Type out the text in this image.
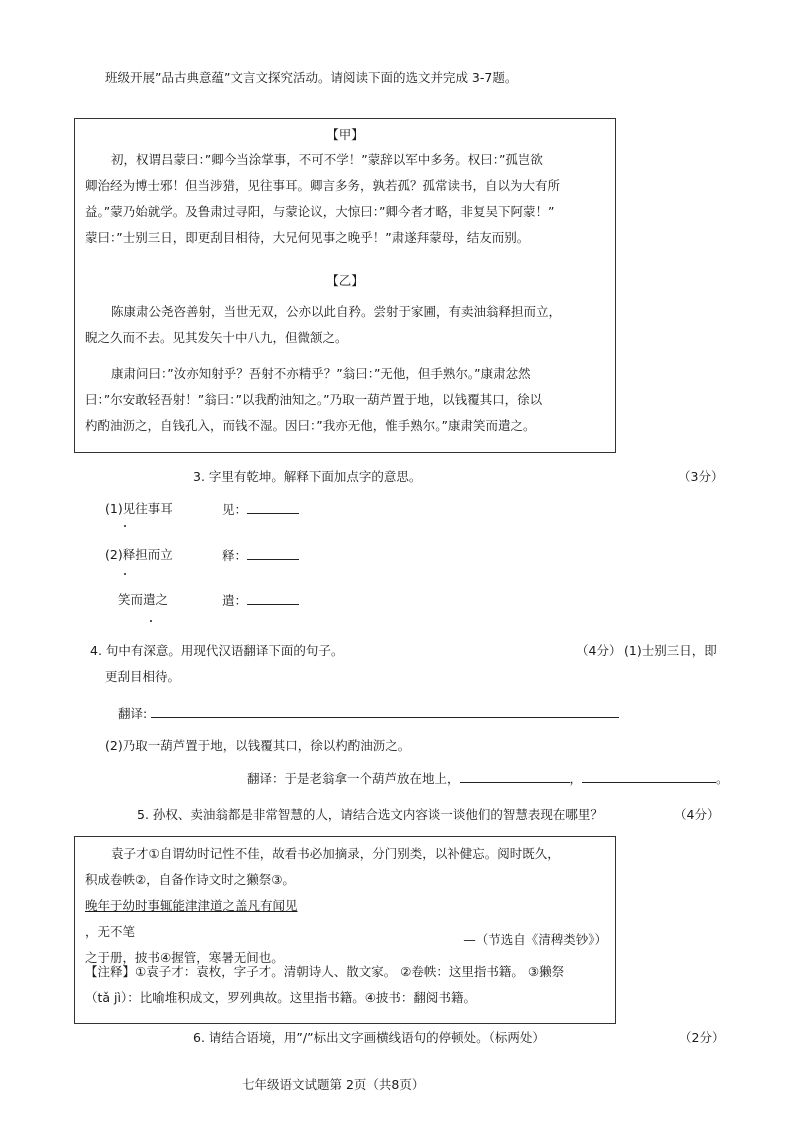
班级开展”品古典意蕴”文言文探究活动。请阅读下面的选文并完成 3-7题。
【甲】
初，权谓吕蒙曰：”卿今当涂掌事，不可不学！”蒙辞以军中多务。权曰：”孤岂欲
卿治经为博士邪！但当涉猎，见往事耳。卿言多务，孰若孤？孤常读书，自以为大有所
益。”蒙乃始就学。及鲁肃过寻阳，与蒙论议，大惊曰：”卿今者才略，非复吴下阿蒙！”
蒙曰：”士别三日，即更刮目相待，大兄何见事之晚乎！”肃遂拜蒙母，结友而别。
【乙】
陈康肃公尧咨善射，当世无双，公亦以此自矜。尝射于家圃，有卖油翁释担而立，
睨之久而不去。见其发矢十中八九，但微颔之。
康肃问曰：”汝亦知射乎？吾射不亦精乎？”翁曰：”无他，但手熟尔。”康肃忿然
曰：”尔安敢轻吾射！”翁曰：”以我酌油知之。”乃取一葫芦置于地，以钱覆其口，徐以
杓酌油沥之，自钱孔入，而钱不湿。因曰：”我亦无他，惟手熟尔。”康肃笑而遣之。
3. 字里有乾坤。解释下面加点字的意思。	（3分）
(1)见往事耳	见：
(2)释担而立	释：
笑而遣之	遣：
4. 句中有深意。用现代汉语翻译下面的句子。	（4分） (1)士别三日，即
更刮目相待。
翻译:
(2)乃取一葫芦置于地，以钱覆其口，徐以杓酌油沥之。
翻译：于是老翁拿一个葫芦放在地上，	，	。
5. 孙权、卖油翁都是非常智慧的人，请结合选文内容谈一谈他们的智慧表现在哪里？	（4分）
袁子才①自谓幼时记性不佳，故看书必加摘录，分门别类，以补健忘。阅时既久，
积成卷帙②，自备作诗文时之獭祭③。
晚年于幼时事辄能津津道之盖凡有闻见
，无不笔
之于册，披书④握管，寒暑无间也。
—（节选自《清稗类钞》）
【注释】①袁子才：袁枚，字子才。清朝诗人、散文家。 ②卷帙：这里指书籍。 ③獭祭
（tǎ jì）：比喻堆积成文，罗列典故。这里指书籍。④披书：翻阅书籍。
6. 请结合语境，用”/”标出文字画横线语句的停顿处。（标两处）	（2分）
七年级语文试题第 2页（共8页）
